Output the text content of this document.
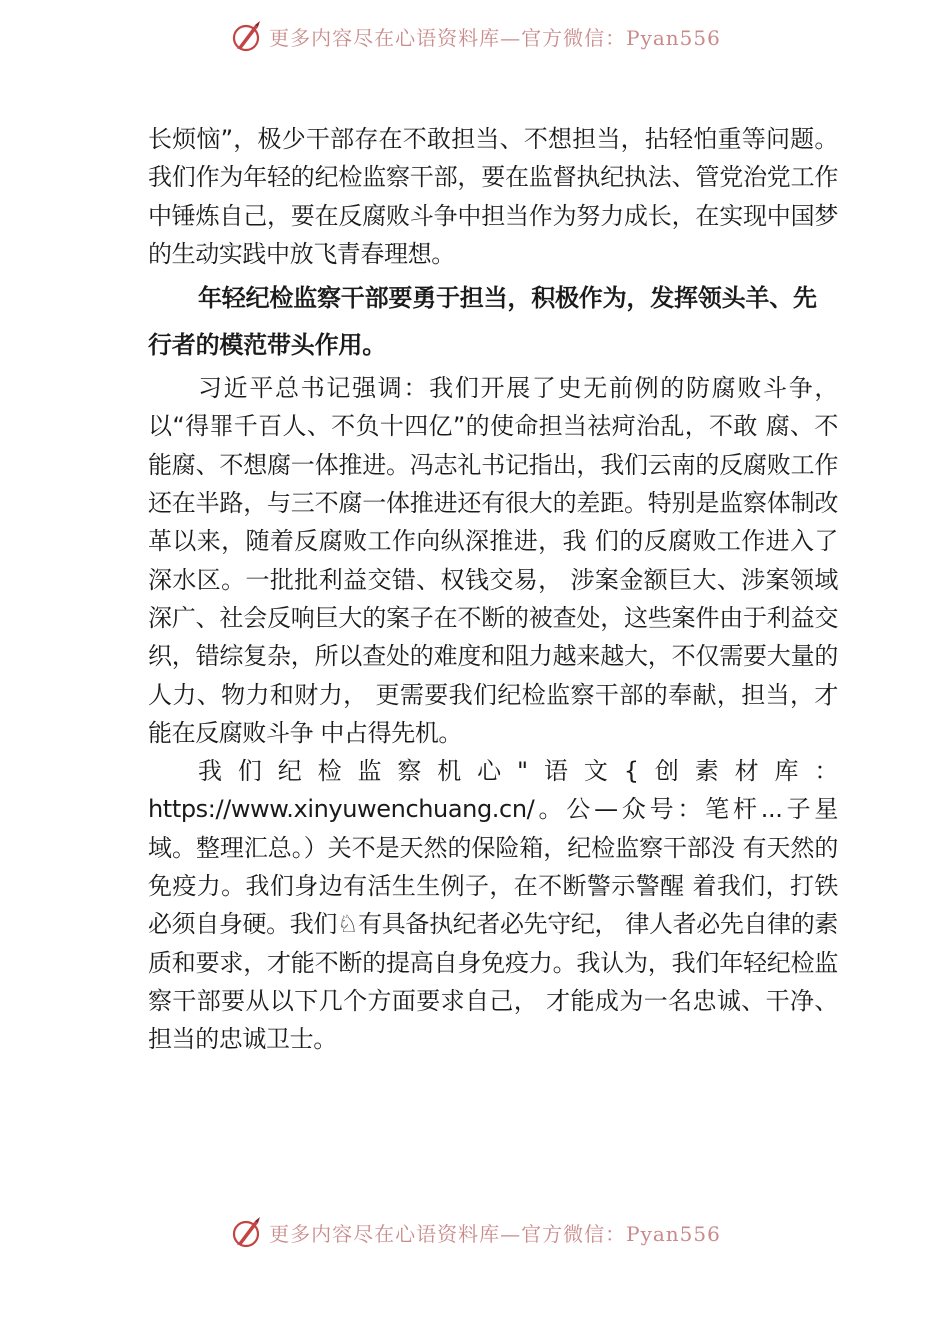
更多内容尽在心语资料库—官方微信：Pyan556

长烦恼”，极少干部存在不敢担当、不想担当，拈轻怕重等问题。我们作为年轻的纪检监察干部，要在监督执纪执法、管党治党工作中锤炼自己，要在反腐败斗争中担当作为努力成长，在实现中国梦的生动实践中放飞青春理想。

年轻纪检监察干部要勇于担当，积极作为，发挥领头羊、先行者的模范带头作用。

习近平总书记强调：我们开展了史无前例的防腐败斗争，以“得罪千百人、不负十四亿”的使命担当祛疴治乱，不敢 腐、不能腐、不想腐一体推进。冯志礼书记指出，我们云南的反腐败工作还在半路，与三不腐一体推进还有很大的差距。特别是监察体制改革以来，随着反腐败工作向纵深推进，我 们的反腐败工作进入了深水区。一批批利益交错、权钱交易， 涉案金额巨大、涉案领域深广、社会反响巨大的案子在不断的被查处，这些案件由于利益交织，错综复杂，所以查处的难度和阻力越来越大，不仅需要大量的人力、物力和财力， 更需要我们纪检监察干部的奉献，担当，才能在反腐败斗争 中占得先机。

我们纪检监察机心"语文{创素材库：https://www.xinyuwenchuang.cn/。公—众号：笔杆...子星域。整理汇总。）关不是天然的保险箱，纪检监察干部没 有天然的免疫力。我们身边有活生生例子，在不断警示警醒 着我们，打铁必须自身硬。我们♘有具备执纪者必先守纪， 律人者必先自律的素质和要求，才能不断的提高自身免疫力。我认为，我们年轻纪检监察干部要从以下几个方面要求自己， 才能成为一名忠诚、干净、担当的忠诚卫士。

更多内容尽在心语资料库—官方微信：Pyan556
